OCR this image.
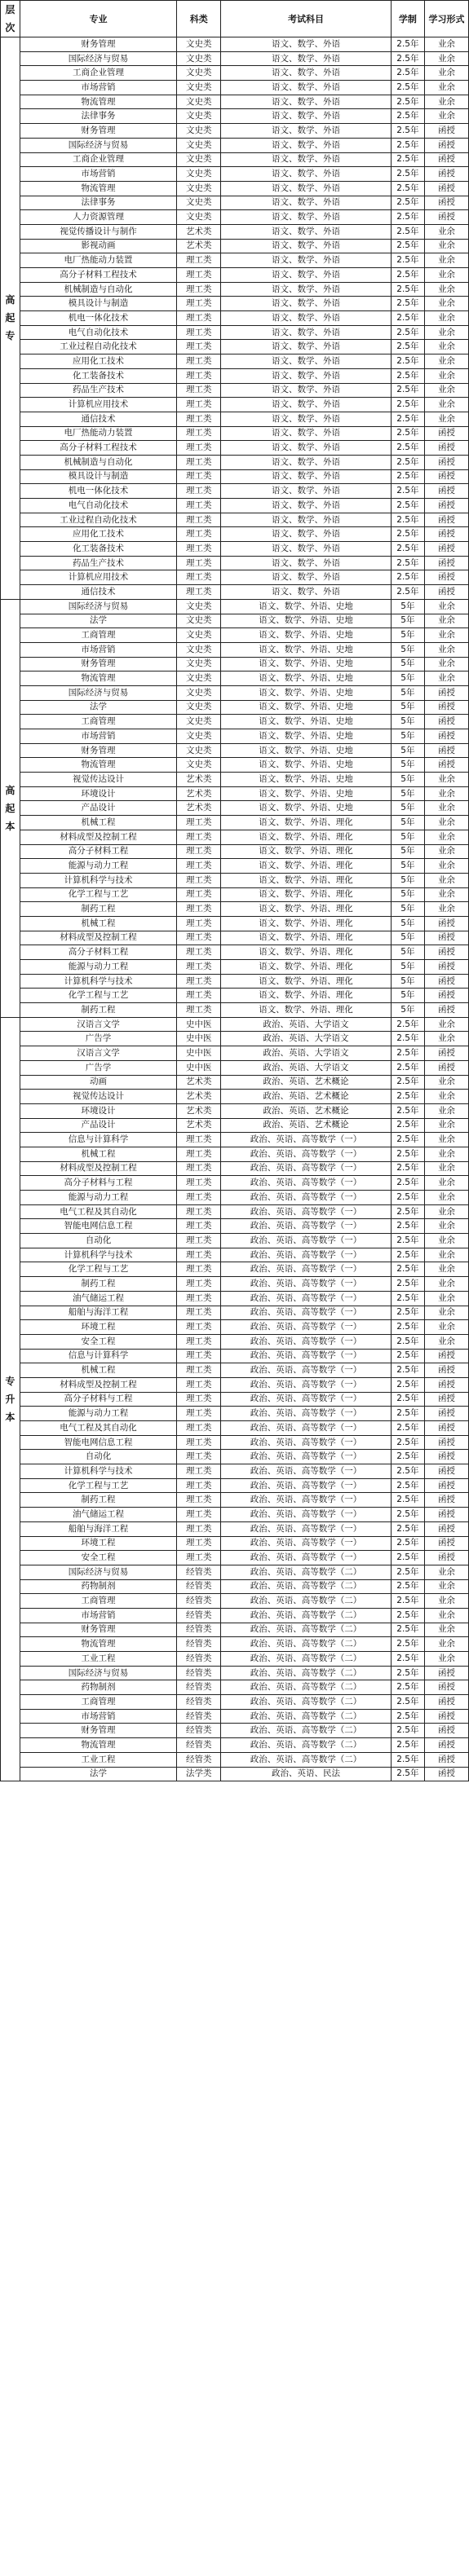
层次	专业	科类	考试科目	学制	学习形式
高起专	财务管理	文史类	语文、数学、外语	2.5年	业余
	国际经济与贸易	文史类	语文、数学、外语	2.5年	业余
	工商企业管理	文史类	语文、数学、外语	2.5年	业余
	市场营销	文史类	语文、数学、外语	2.5年	业余
	物流管理	文史类	语文、数学、外语	2.5年	业余
	法律事务	文史类	语文、数学、外语	2.5年	业余
	财务管理	文史类	语文、数学、外语	2.5年	函授
	国际经济与贸易	文史类	语文、数学、外语	2.5年	函授
	工商企业管理	文史类	语文、数学、外语	2.5年	函授
	市场营销	文史类	语文、数学、外语	2.5年	函授
	物流管理	文史类	语文、数学、外语	2.5年	函授
	法律事务	文史类	语文、数学、外语	2.5年	函授
	人力资源管理	文史类	语文、数学、外语	2.5年	函授
	视觉传播设计与制作	艺术类	语文、数学、外语	2.5年	业余
	影视动画	艺术类	语文、数学、外语	2.5年	业余
	电厂热能动力装置	理工类	语文、数学、外语	2.5年	业余
	高分子材料工程技术	理工类	语文、数学、外语	2.5年	业余
	机械制造与自动化	理工类	语文、数学、外语	2.5年	业余
	模具设计与制造	理工类	语文、数学、外语	2.5年	业余
	机电一体化技术	理工类	语文、数学、外语	2.5年	业余
	电气自动化技术	理工类	语文、数学、外语	2.5年	业余
	工业过程自动化技术	理工类	语文、数学、外语	2.5年	业余
	应用化工技术	理工类	语文、数学、外语	2.5年	业余
	化工装备技术	理工类	语文、数学、外语	2.5年	业余
	药品生产技术	理工类	语文、数学、外语	2.5年	业余
	计算机应用技术	理工类	语文、数学、外语	2.5年	业余
	通信技术	理工类	语文、数学、外语	2.5年	业余
	电厂热能动力装置	理工类	语文、数学、外语	2.5年	函授
	高分子材料工程技术	理工类	语文、数学、外语	2.5年	函授
	机械制造与自动化	理工类	语文、数学、外语	2.5年	函授
	模具设计与制造	理工类	语文、数学、外语	2.5年	函授
	机电一体化技术	理工类	语文、数学、外语	2.5年	函授
	电气自动化技术	理工类	语文、数学、外语	2.5年	函授
	工业过程自动化技术	理工类	语文、数学、外语	2.5年	函授
	应用化工技术	理工类	语文、数学、外语	2.5年	函授
	化工装备技术	理工类	语文、数学、外语	2.5年	函授
	药品生产技术	理工类	语文、数学、外语	2.5年	函授
	计算机应用技术	理工类	语文、数学、外语	2.5年	函授
	通信技术	理工类	语文、数学、外语	2.5年	函授
高起本	国际经济与贸易	文史类	语文、数学、外语、史地	5年	业余
	法学	文史类	语文、数学、外语、史地	5年	业余
	工商管理	文史类	语文、数学、外语、史地	5年	业余
	市场营销	文史类	语文、数学、外语、史地	5年	业余
	财务管理	文史类	语文、数学、外语、史地	5年	业余
	物流管理	文史类	语文、数学、外语、史地	5年	业余
	国际经济与贸易	文史类	语文、数学、外语、史地	5年	函授
	法学	文史类	语文、数学、外语、史地	5年	函授
	工商管理	文史类	语文、数学、外语、史地	5年	函授
	市场营销	文史类	语文、数学、外语、史地	5年	函授
	财务管理	文史类	语文、数学、外语、史地	5年	函授
	物流管理	文史类	语文、数学、外语、史地	5年	函授
	视觉传达设计	艺术类	语文、数学、外语、史地	5年	业余
	环境设计	艺术类	语文、数学、外语、史地	5年	业余
	产品设计	艺术类	语文、数学、外语、史地	5年	业余
	机械工程	理工类	语文、数学、外语、理化	5年	业余
	材料成型及控制工程	理工类	语文、数学、外语、理化	5年	业余
	高分子材料工程	理工类	语文、数学、外语、理化	5年	业余
	能源与动力工程	理工类	语文、数学、外语、理化	5年	业余
	计算机科学与技术	理工类	语文、数学、外语、理化	5年	业余
	化学工程与工艺	理工类	语文、数学、外语、理化	5年	业余
	制药工程	理工类	语文、数学、外语、理化	5年	业余
	机械工程	理工类	语文、数学、外语、理化	5年	函授
	材料成型及控制工程	理工类	语文、数学、外语、理化	5年	函授
	高分子材料工程	理工类	语文、数学、外语、理化	5年	函授
	能源与动力工程	理工类	语文、数学、外语、理化	5年	函授
	计算机科学与技术	理工类	语文、数学、外语、理化	5年	函授
	化学工程与工艺	理工类	语文、数学、外语、理化	5年	函授
	制药工程	理工类	语文、数学、外语、理化	5年	函授
专升本	汉语言文学	史中医	政治、英语、大学语文	2.5年	业余
	广告学	史中医	政治、英语、大学语文	2.5年	业余
	汉语言文学	史中医	政治、英语、大学语文	2.5年	函授
	广告学	史中医	政治、英语、大学语文	2.5年	函授
	动画	艺术类	政治、英语、艺术概论	2.5年	业余
	视觉传达设计	艺术类	政治、英语、艺术概论	2.5年	业余
	环境设计	艺术类	政治、英语、艺术概论	2.5年	业余
	产品设计	艺术类	政治、英语、艺术概论	2.5年	业余
	信息与计算科学	理工类	政治、英语、高等数学（一）	2.5年	业余
	机械工程	理工类	政治、英语、高等数学（一）	2.5年	业余
	材料成型及控制工程	理工类	政治、英语、高等数学（一）	2.5年	业余
	高分子材料与工程	理工类	政治、英语、高等数学（一）	2.5年	业余
	能源与动力工程	理工类	政治、英语、高等数学（一）	2.5年	业余
	电气工程及其自动化	理工类	政治、英语、高等数学（一）	2.5年	业余
	智能电网信息工程	理工类	政治、英语、高等数学（一）	2.5年	业余
	自动化	理工类	政治、英语、高等数学（一）	2.5年	业余
	计算机科学与技术	理工类	政治、英语、高等数学（一）	2.5年	业余
	化学工程与工艺	理工类	政治、英语、高等数学（一）	2.5年	业余
	制药工程	理工类	政治、英语、高等数学（一）	2.5年	业余
	油气储运工程	理工类	政治、英语、高等数学（一）	2.5年	业余
	船舶与海洋工程	理工类	政治、英语、高等数学（一）	2.5年	业余
	环境工程	理工类	政治、英语、高等数学（一）	2.5年	业余
	安全工程	理工类	政治、英语、高等数学（一）	2.5年	业余
	信息与计算科学	理工类	政治、英语、高等数学（一）	2.5年	函授
	机械工程	理工类	政治、英语、高等数学（一）	2.5年	函授
	材料成型及控制工程	理工类	政治、英语、高等数学（一）	2.5年	函授
	高分子材料与工程	理工类	政治、英语、高等数学（一）	2.5年	函授
	能源与动力工程	理工类	政治、英语、高等数学（一）	2.5年	函授
	电气工程及其自动化	理工类	政治、英语、高等数学（一）	2.5年	函授
	智能电网信息工程	理工类	政治、英语、高等数学（一）	2.5年	函授
	自动化	理工类	政治、英语、高等数学（一）	2.5年	函授
	计算机科学与技术	理工类	政治、英语、高等数学（一）	2.5年	函授
	化学工程与工艺	理工类	政治、英语、高等数学（一）	2.5年	函授
	制药工程	理工类	政治、英语、高等数学（一）	2.5年	函授
	油气储运工程	理工类	政治、英语、高等数学（一）	2.5年	函授
	船舶与海洋工程	理工类	政治、英语、高等数学（一）	2.5年	函授
	环境工程	理工类	政治、英语、高等数学（一）	2.5年	函授
	安全工程	理工类	政治、英语、高等数学（一）	2.5年	函授
	国际经济与贸易	经管类	政治、英语、高等数学（二）	2.5年	业余
	药物制剂	经管类	政治、英语、高等数学（二）	2.5年	业余
	工商管理	经管类	政治、英语、高等数学（二）	2.5年	业余
	市场营销	经管类	政治、英语、高等数学（二）	2.5年	业余
	财务管理	经管类	政治、英语、高等数学（二）	2.5年	业余
	物流管理	经管类	政治、英语、高等数学（二）	2.5年	业余
	工业工程	经管类	政治、英语、高等数学（二）	2.5年	业余
	国际经济与贸易	经管类	政治、英语、高等数学（二）	2.5年	函授
	药物制剂	经管类	政治、英语、高等数学（二）	2.5年	函授
	工商管理	经管类	政治、英语、高等数学（二）	2.5年	函授
	市场营销	经管类	政治、英语、高等数学（二）	2.5年	函授
	财务管理	经管类	政治、英语、高等数学（二）	2.5年	函授
	物流管理	经管类	政治、英语、高等数学（二）	2.5年	函授
	工业工程	经管类	政治、英语、高等数学（二）	2.5年	函授
	法学	法学类	政治、英语、民法	2.5年	函授
